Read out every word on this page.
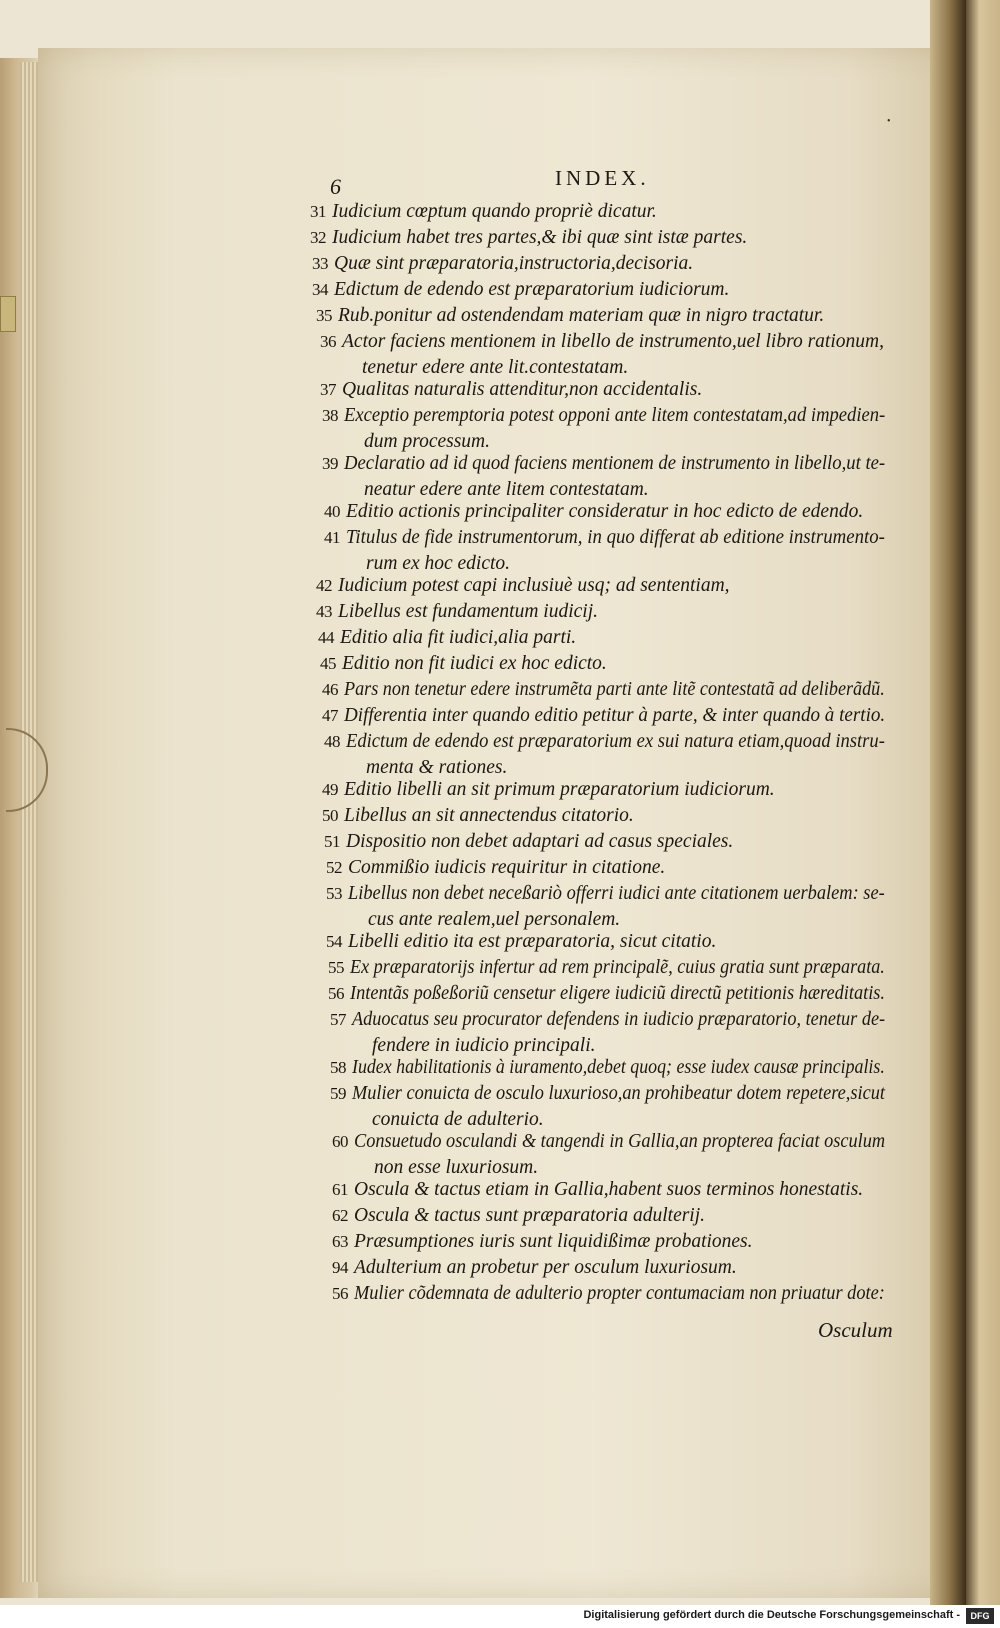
•
6	INDEX.
31 Iudicium cœptum quando propriè dicatur.
32 Iudicium habet tres partes,& ibi quæ sint istæ partes.
33 Quæ sint præparatoria,instructoria,decisoria.
34 Edictum de edendo est præparatorium iudiciorum.
35 Rub.ponitur ad ostendendam materiam quæ in nigro tractatur.
36 Actor faciens mentionem in libello de instrumento,uel libro rationum,
tenetur edere ante lit.contestatam.
37 Qualitas naturalis attenditur,non accidentalis.
38 Exceptio peremptoria potest opponi ante litem contestatam,ad impedien-
dum processum.
39 Declaratio ad id quod faciens mentionem de instrumento in libello,ut te-
neatur edere ante litem contestatam.
40 Editio actionis principaliter consideratur in hoc edicto de edendo.
41 Titulus de fide instrumentorum, in quo differat ab editione instrumento-
rum ex hoc edicto.
42 Iudicium potest capi inclusiuè usq; ad sententiam,
43 Libellus est fundamentum iudicij.
44 Editio alia fit iudici,alia parti.
45 Editio non fit iudici ex hoc edicto.
46 Pars non tenetur edere instrumẽta parti ante litẽ contestatã ad deliberãdũ.
47 Differentia inter quando editio petitur à parte, & inter quando à tertio.
48 Edictum de edendo est præparatorium ex sui natura etiam,quoad instru-
menta & rationes.
49 Editio libelli an sit primum præparatorium iudiciorum.
50 Libellus an sit annectendus citatorio.
51 Dispositio non debet adaptari ad casus speciales.
52 Commißio iudicis requiritur in citatione.
53 Libellus non debet neceßariò offerri iudici ante citationem uerbalem: se-
cus ante realem,uel personalem.
54 Libelli editio ita est præparatoria, sicut citatio.
55 Ex præparatorijs infertur ad rem principalẽ, cuius gratia sunt præparata.
56 Intentãs poßeßoriũ censetur eligere iudiciũ directũ petitionis hæreditatis.
57 Aduocatus seu procurator defendens in iudicio præparatorio, tenetur de-
fendere in iudicio principali.
58 Iudex habilitationis à iuramento,debet quoq; esse iudex causæ principalis.
59 Mulier conuicta de osculo luxurioso,an prohibeatur dotem repetere,sicut
conuicta de adulterio.
60 Consuetudo osculandi & tangendi in Gallia,an propterea faciat osculum
non esse luxuriosum.
61 Oscula & tactus etiam in Gallia,habent suos terminos honestatis.
62 Oscula & tactus sunt præparatoria adulterij.
63 Præsumptiones iuris sunt liquidißimæ probationes.
94 Adulterium an probetur per osculum luxuriosum.
56 Mulier cõdemnata de adulterio propter contumaciam non priuatur dote:
Osculum
Digitalisierung gefördert durch die Deutsche Forschungsgemeinschaft -	DFG
